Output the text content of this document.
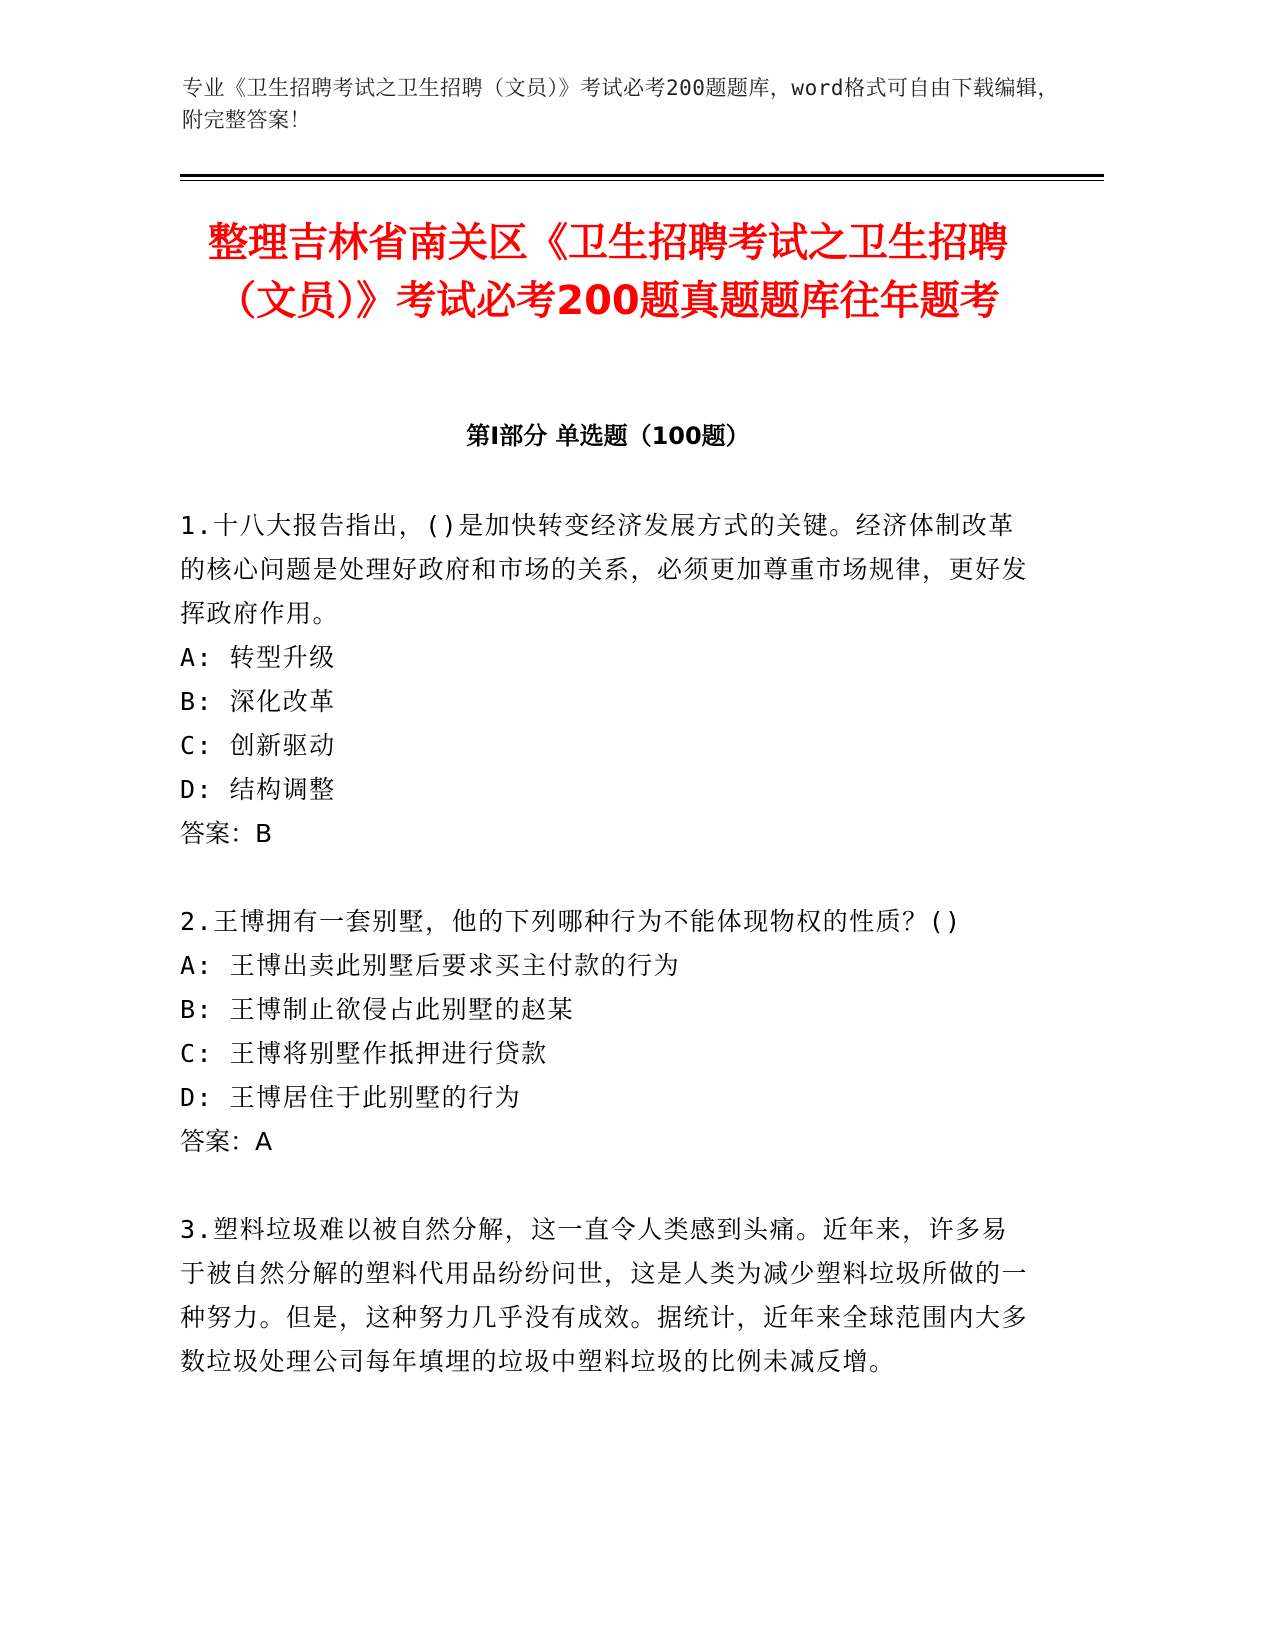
专业《卫生招聘考试之卫生招聘（文员）》考试必考200题题库，word格式可自由下载编辑，附完整答案！
整理吉林省南关区《卫生招聘考试之卫生招聘（文员）》考试必考200题真题题库往年题考
第I部分 单选题（100题）

1.十八大报告指出，()是加快转变经济发展方式的关键。经济体制改革的核心问题是处理好政府和市场的关系，必须更加尊重市场规律，更好发挥政府作用。

A: 转型升级

B: 深化改革

C: 创新驱动

D: 结构调整

答案：B

2.王博拥有一套别墅，他的下列哪种行为不能体现物权的性质？()

A: 王博出卖此别墅后要求买主付款的行为

B: 王博制止欲侵占此别墅的赵某

C: 王博将别墅作抵押进行贷款

D: 王博居住于此别墅的行为

答案：A

3.塑料垃圾难以被自然分解，这一直令人类感到头痛。近年来，许多易于被自然分解的塑料代用品纷纷问世，这是人类为减少塑料垃圾所做的一种努力。但是，这种努力几乎没有成效。据统计，近年来全球范围内大多数垃圾处理公司每年填埋的垃圾中塑料垃圾的比例未减反增。
